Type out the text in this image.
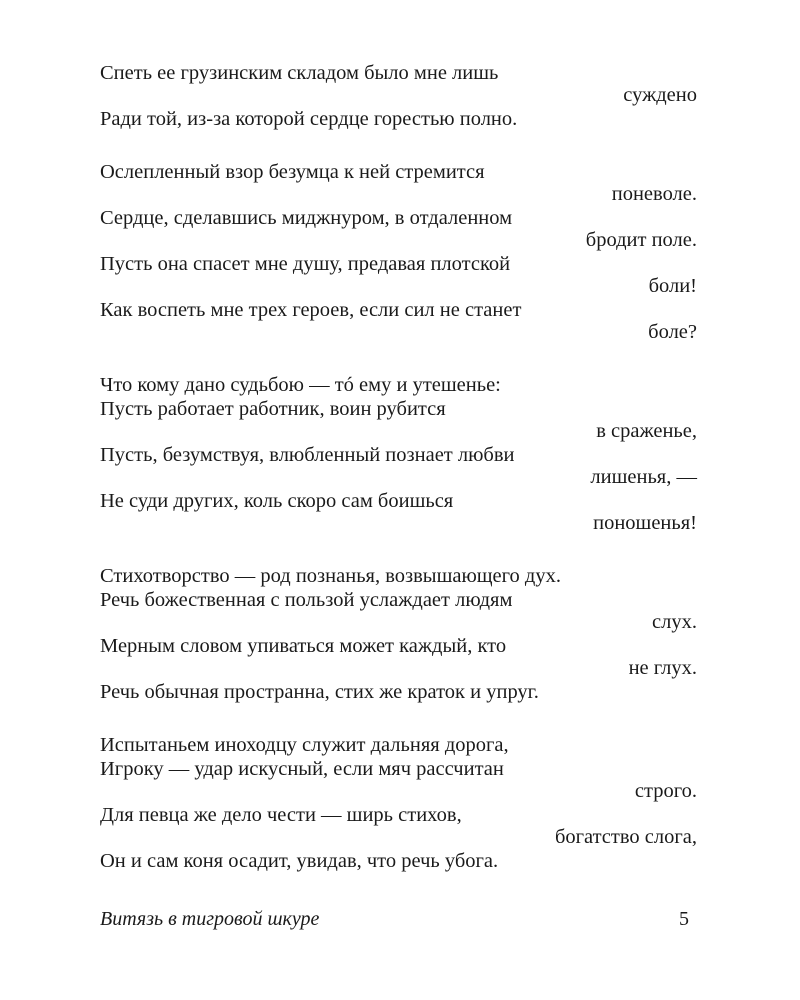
Спеть ее грузинским складом было мне лишь
суждено

Ради той, из-за которой сердце горестью полно.

Ослепленный взор безумца к ней стремится
поневоле.

Сердце, сделавшись миджнуром, в отдаленном
бродит поле.

Пусть она спасет мне душу, предавая плотской
боли!

Как воспеть мне трех героев, если сил не станет
боле?

Что кому дано судьбою — тó ему и утешенье:

Пусть работает работник, воин рубится
в сраженье,

Пусть, безумствуя, влюбленный познает любви
лишенья, —

Не суди других, коль скоро сам боишься
поношенья!

Стихотворство — род познанья, возвышающего дух.

Речь божественная с пользой услаждает людям
слух.

Мерным словом упиваться может каждый, кто
не глух.

Речь обычная пространна, стих же краток и упруг.

Испытаньем иноходцу служит дальняя дорога,

Игроку — удар искусный, если мяч рассчитан
строго.

Для певца же дело чести — ширь стихов,
богатство слога,

Он и сам коня осадит, увидав, что речь убога.

Витязь в тигровой шкуре	5
